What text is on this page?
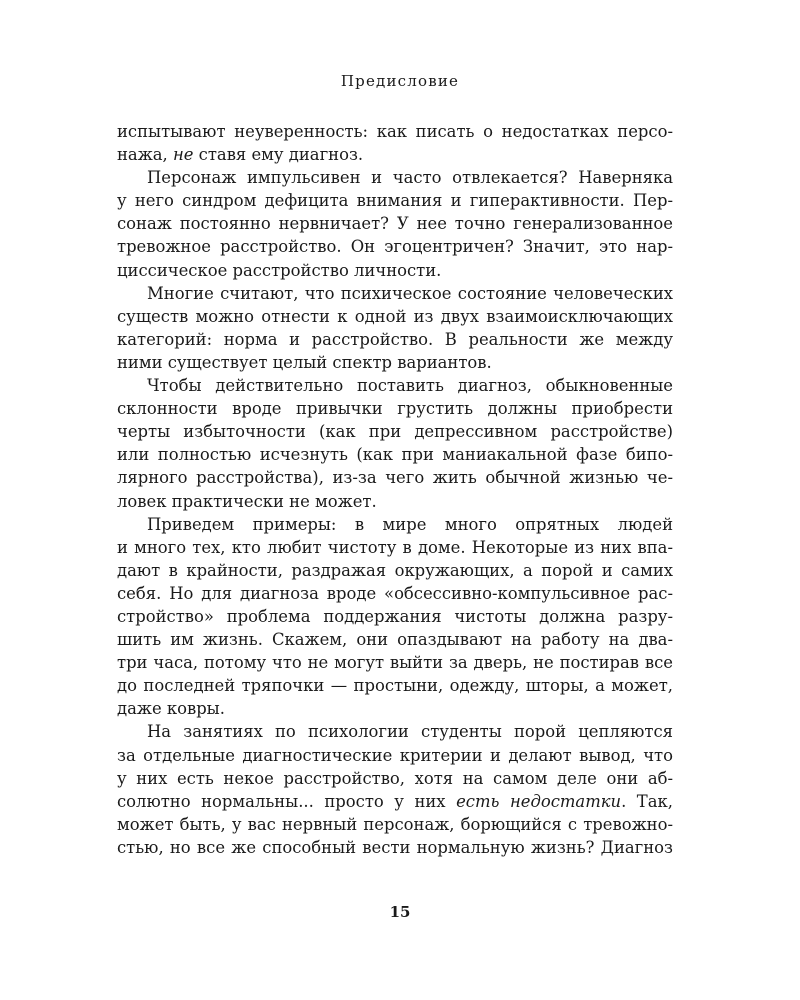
Предисловие
испытывают неуверенность: как писать о недостатках персо-
нажа, не ставя ему диагноз.
Персонаж импульсивен и часто отвлекается? Наверняка
у него синдром дефицита внимания и гиперактивности. Пер-
сонаж постоянно нервничает? У нее точно генерализованное
тревожное расстройство. Он эгоцентричен? Значит, это нар-
циссическое расстройство личности.
Многие считают, что психическое состояние человеческих
существ можно отнести к одной из двух взаимоисключающих
категорий: норма и расстройство. В реальности же между
ними существует целый спектр вариантов.
Чтобы действительно поставить диагноз, обыкновенные
склонности вроде привычки грустить должны приобрести
черты избыточности (как при депрессивном расстройстве)
или полностью исчезнуть (как при маниакальной фазе бипо-
лярного расстройства), из-за чего жить обычной жизнью че-
ловек практически не может.
Приведем примеры: в мире много опрятных людей
и много тех, кто любит чистоту в доме. Некоторые из них впа-
дают в крайности, раздражая окружающих, а порой и самих
себя. Но для диагноза вроде «обсессивно-компульсивное рас-
стройство» проблема поддержания чистоты должна разру-
шить им жизнь. Скажем, они опаздывают на работу на два-
три часа, потому что не могут выйти за дверь, не постирав все
до последней тряпочки — простыни, одежду, шторы, а может,
даже ковры.
На занятиях по психологии студенты порой цепляются
за отдельные диагностические критерии и делают вывод, что
у них есть некое расстройство, хотя на самом деле они аб-
солютно нормальны... просто у них есть недостатки. Так,
может быть, у вас нервный персонаж, борющийся с тревожно-
стью, но все же способный вести нормальную жизнь? Диагноз
15
